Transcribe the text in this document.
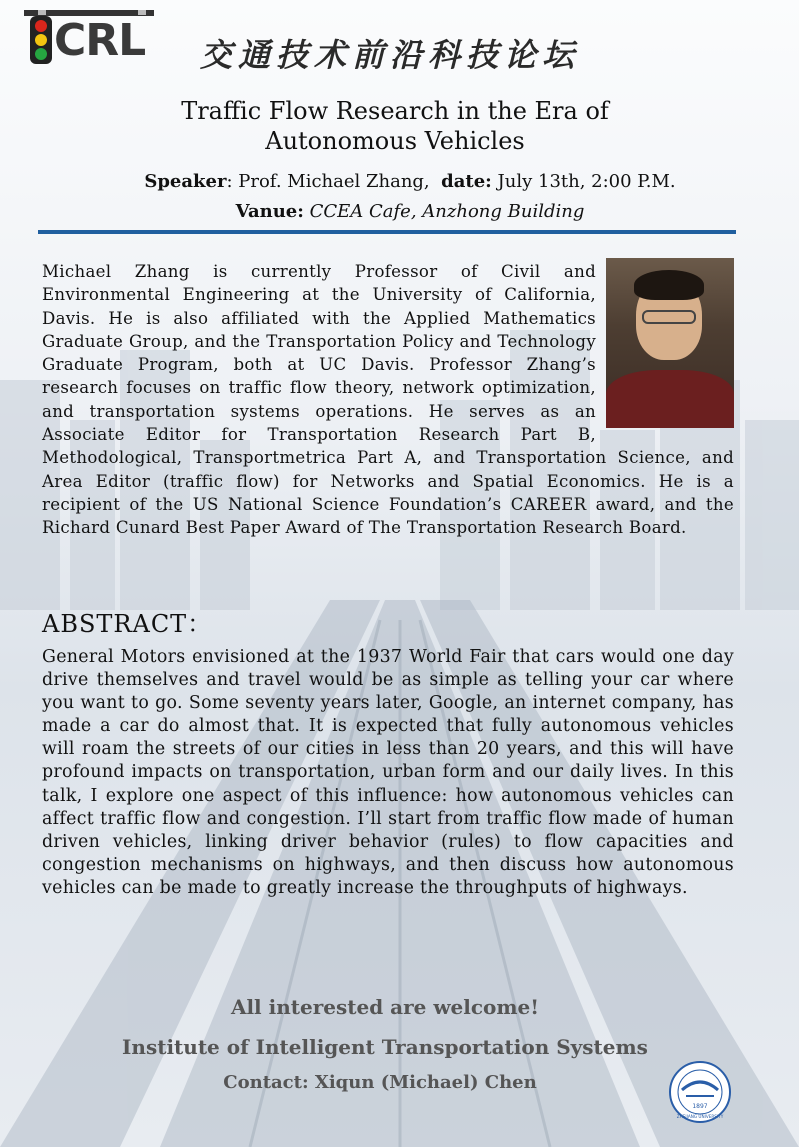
CRL 交通技术前沿科技论坛
Traffic Flow Research in the Era of
Autonomous Vehicles
Speaker: Prof. Michael Zhang, date: July 13th, 2:00 P.M.
Vanue: CCEA Cafe, Anzhong Building
Michael Zhang is currently Professor of Civil and Environmental Engineering at the University of California, Davis. He is also affiliated with the Applied Mathematics Graduate Group, and the Transportation Policy and Technology Graduate Program, both at UC Davis. Professor Zhang’s research focuses on traffic flow theory, network optimization, and transportation systems operations. He serves as an Associate Editor for Transportation Research Part B, Methodological, Transportmetrica Part A, and Transportation Science, and Area Editor (traffic flow) for Networks and Spatial Economics. He is a recipient of the US National Science Foundation’s CAREER award, and the Richard Cunard Best Paper Award of The Transportation Research Board.
ABSTRACT：
General Motors envisioned at the 1937 World Fair that cars would one day drive themselves and travel would be as simple as telling your car where you want to go. Some seventy years later, Google, an internet company, has made a car do almost that. It is expected that fully autonomous vehicles will roam the streets of our cities in less than 20 years, and this will have profound impacts on transportation, urban form and our daily lives. In this talk, I explore one aspect of this influence: how autonomous vehicles can affect traffic flow and congestion. I’ll start from traffic flow made of human driven vehicles, linking driver behavior (rules) to flow capacities and congestion mechanisms on highways, and then discuss how autonomous vehicles can be made to greatly increase the throughputs of highways.
All interested are welcome!
Institute of Intelligent Transportation Systems
Contact: Xiqun (Michael) Chen
1897
ZHEJIANG UNIVERSITY
